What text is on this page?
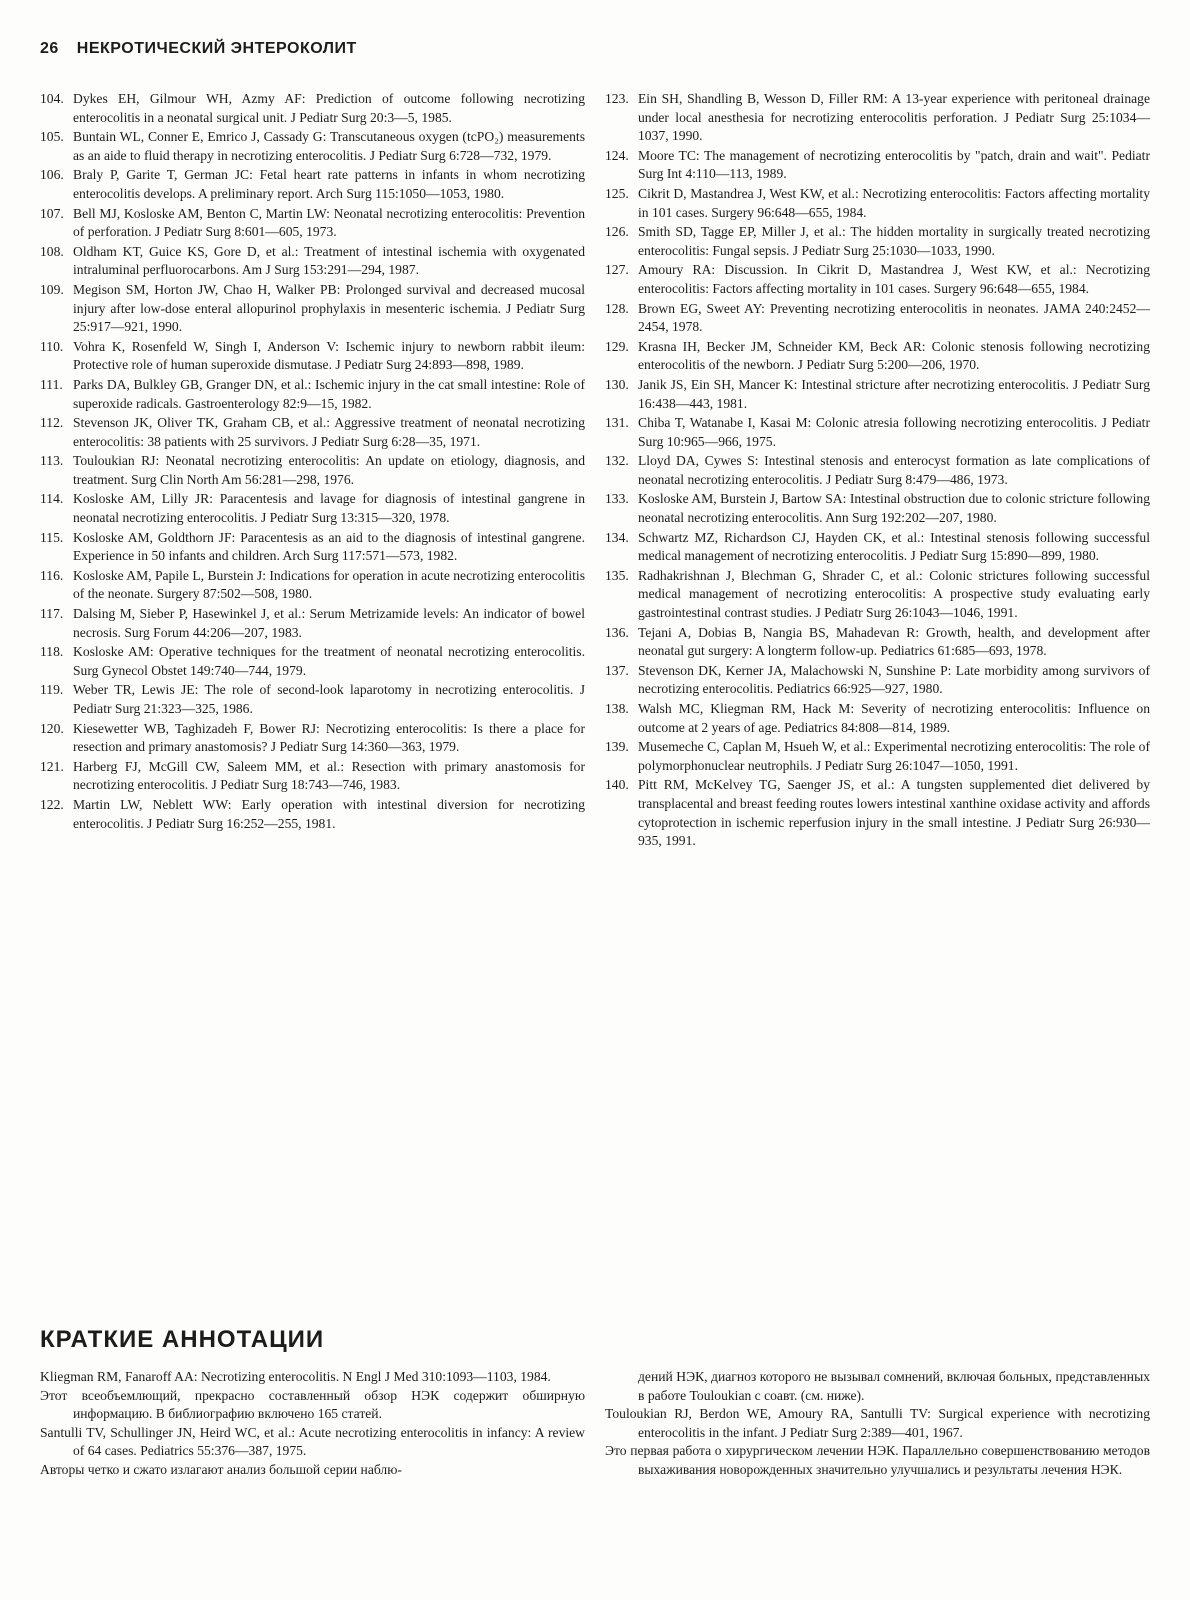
26 НЕКРОТИЧЕСКИЙ ЭНТЕРОКОЛИТ

104. Dykes EH, Gilmour WH, Azmy AF: Prediction of outcome following necrotizing enterocolitis in a neonatal surgical unit. J Pediatr Surg 20:3—5, 1985.

105. Buntain WL, Conner E, Emrico J, Cassady G: Transcutaneous oxygen (tcPO₂) measurements as an aide to fluid therapy in necrotizing enterocolitis. J Pediatr Surg 6:728—732, 1979.

106. Braly P, Garite T, German JC: Fetal heart rate patterns in infants in whom necrotizing enterocolitis develops. A preliminary report. Arch Surg 115:1050—1053, 1980.

107. Bell MJ, Kosloske AM, Benton C, Martin LW: Neonatal necrotizing enterocolitis: Prevention of perforation. J Pediatr Surg 8:601—605, 1973.

108. Oldham KT, Guice KS, Gore D, et al.: Treatment of intestinal ischemia with oxygenated intraluminal perfluorocarbons. Am J Surg 153:291—294, 1987.

109. Megison SM, Horton JW, Chao H, Walker PB: Prolonged survival and decreased mucosal injury after low-dose enteral allopurinol prophylaxis in mesenteric ischemia. J Pediatr Surg 25:917—921, 1990.

110. Vohra K, Rosenfeld W, Singh I, Anderson V: Ischemic injury to newborn rabbit ileum: Protective role of human superoxide dismutase. J Pediatr Surg 24:893—898, 1989.

111. Parks DA, Bulkley GB, Granger DN, et al.: Ischemic injury in the cat small intestine: Role of superoxide radicals. Gastroenterology 82:9—15, 1982.

112. Stevenson JK, Oliver TK, Graham CB, et al.: Aggressive treatment of neonatal necrotizing enterocolitis: 38 patients with 25 survivors. J Pediatr Surg 6:28—35, 1971.

113. Touloukian RJ: Neonatal necrotizing enterocolitis: An update on etiology, diagnosis, and treatment. Surg Clin North Am 56:281—298, 1976.

114. Kosloske AM, Lilly JR: Paracentesis and lavage for diagnosis of intestinal gangrene in neonatal necrotizing enterocolitis. J Pediatr Surg 13:315—320, 1978.

115. Kosloske AM, Goldthorn JF: Paracentesis as an aid to the diagnosis of intestinal gangrene. Experience in 50 infants and children. Arch Surg 117:571—573, 1982.

116. Kosloske AM, Papile L, Burstein J: Indications for operation in acute necrotizing enterocolitis of the neonate. Surgery 87:502—508, 1980.

117. Dalsing M, Sieber P, Hasewinkel J, et al.: Serum Metrizamide levels: An indicator of bowel necrosis. Surg Forum 44:206—207, 1983.

118. Kosloske AM: Operative techniques for the treatment of neonatal necrotizing enterocolitis. Surg Gynecol Obstet 149:740—744, 1979.

119. Weber TR, Lewis JE: The role of second-look laparotomy in necrotizing enterocolitis. J Pediatr Surg 21:323—325, 1986.

120. Kiesewetter WB, Taghizadeh F, Bower RJ: Necrotizing enterocolitis: Is there a place for resection and primary anastomosis? J Pediatr Surg 14:360—363, 1979.

121. Harberg FJ, McGill CW, Saleem MM, et al.: Resection with primary anastomosis for necrotizing enterocolitis. J Pediatr Surg 18:743—746, 1983.

122. Martin LW, Neblett WW: Early operation with intestinal diversion for necrotizing enterocolitis. J Pediatr Surg 16:252—255, 1981.

123. Ein SH, Shandling B, Wesson D, Filler RM: A 13-year experience with peritoneal drainage under local anesthesia for necrotizing enterocolitis perforation. J Pediatr Surg 25:1034—1037, 1990.

124. Moore TC: The management of necrotizing enterocolitis by "patch, drain and wait". Pediatr Surg Int 4:110—113, 1989.

125. Cikrit D, Mastandrea J, West KW, et al.: Necrotizing enterocolitis: Factors affecting mortality in 101 cases. Surgery 96:648—655, 1984.

126. Smith SD, Tagge EP, Miller J, et al.: The hidden mortality in surgically treated necrotizing enterocolitis: Fungal sepsis. J Pediatr Surg 25:1030—1033, 1990.

127. Amoury RA: Discussion. In Cikrit D, Mastandrea J, West KW, et al.: Necrotizing enterocolitis: Factors affecting mortality in 101 cases. Surgery 96:648—655, 1984.

128. Brown EG, Sweet AY: Preventing necrotizing enterocolitis in neonates. JAMA 240:2452—2454, 1978.

129. Krasna IH, Becker JM, Schneider KM, Beck AR: Colonic stenosis following necrotizing enterocolitis of the newborn. J Pediatr Surg 5:200—206, 1970.

130. Janik JS, Ein SH, Mancer K: Intestinal stricture after necrotizing enterocolitis. J Pediatr Surg 16:438—443, 1981.

131. Chiba T, Watanabe I, Kasai M: Colonic atresia following necrotizing enterocolitis. J Pediatr Surg 10:965—966, 1975.

132. Lloyd DA, Cywes S: Intestinal stenosis and enterocyst formation as late complications of neonatal necrotizing enterocolitis. J Pediatr Surg 8:479—486, 1973.

133. Kosloske AM, Burstein J, Bartow SA: Intestinal obstruction due to colonic stricture following neonatal necrotizing enterocolitis. Ann Surg 192:202—207, 1980.

134. Schwartz MZ, Richardson CJ, Hayden CK, et al.: Intestinal stenosis following successful medical management of necrotizing enterocolitis. J Pediatr Surg 15:890—899, 1980.

135. Radhakrishnan J, Blechman G, Shrader C, et al.: Colonic strictures following successful medical management of necrotizing enterocolitis: A prospective study evaluating early gastrointestinal contrast studies. J Pediatr Surg 26:1043—1046, 1991.

136. Tejani A, Dobias B, Nangia BS, Mahadevan R: Growth, health, and development after neonatal gut surgery: A longterm follow-up. Pediatrics 61:685—693, 1978.

137. Stevenson DK, Kerner JA, Malachowski N, Sunshine P: Late morbidity among survivors of necrotizing enterocolitis. Pediatrics 66:925—927, 1980.

138. Walsh MC, Kliegman RM, Hack M: Severity of necrotizing enterocolitis: Influence on outcome at 2 years of age. Pediatrics 84:808—814, 1989.

139. Musemeche C, Caplan M, Hsueh W, et al.: Experimental necrotizing enterocolitis: The role of polymorphonuclear neutrophils. J Pediatr Surg 26:1047—1050, 1991.

140. Pitt RM, McKelvey TG, Saenger JS, et al.: A tungsten supplemented diet delivered by transplacental and breast feeding routes lowers intestinal xanthine oxidase activity and affords cytoprotection in ischemic reperfusion injury in the small intestine. J Pediatr Surg 26:930—935, 1991.

КРАТКИЕ АННОТАЦИИ

Kliegman RM, Fanaroff AA: Necrotizing enterocolitis. N Engl J Med 310:1093—1103, 1984.

Этот всеобъемлющий, прекрасно составленный обзор НЭК содержит обширную информацию. В библиографию включено 165 статей.

Santulli TV, Schullinger JN, Heird WC, et al.: Acute necrotizing enterocolitis in infancy: A review of 64 cases. Pediatrics 55:376—387, 1975.

Авторы четко и сжато излагают анализ большой серии наблю-

дений НЭК, диагноз которого не вызывал сомнений, включая больных, представленных в работе Touloukian с соавт. (см. ниже).

Touloukian RJ, Berdon WE, Amoury RA, Santulli TV: Surgical experience with necrotizing enterocolitis in the infant. J Pediatr Surg 2:389—401, 1967.

Это первая работа о хирургическом лечении НЭК. Параллельно совершенствованию методов выхаживания новорожденных значительно улучшались и результаты лечения НЭК.
